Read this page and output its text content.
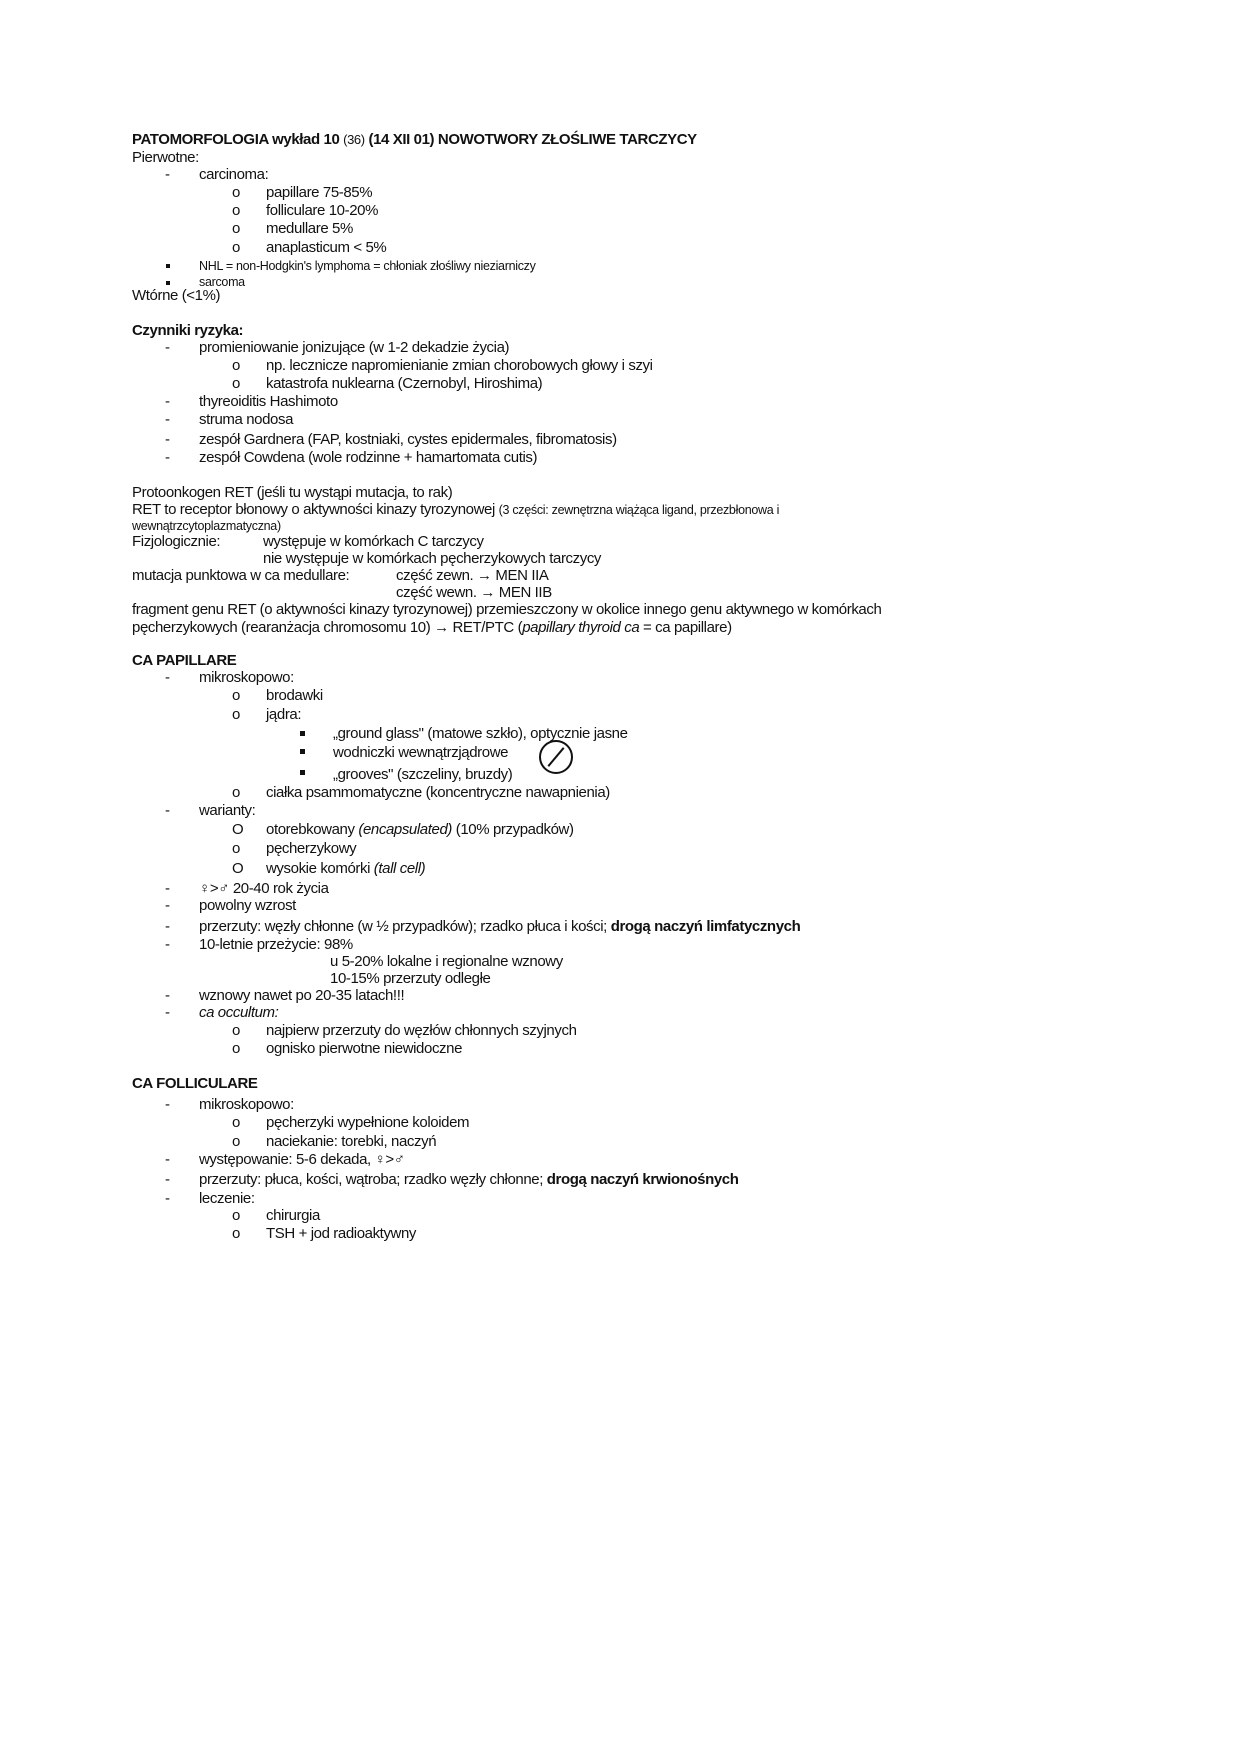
PATOMORFOLOGIA wykład 10 (36) (14 XII 01) NOWOTWORY ZŁOŚLIWE TARCZYCY
Pierwotne:
- carcinoma:
o papillare 75-85%
o folliculare 10-20%
o medullare 5%
o anaplasticum < 5%
NHL = non-Hodgkin's lymphoma = chłoniak złośliwy nieziarniczy
sarcoma
Wtórne (<1%)
Czynniki ryzyka:
- promieniowanie jonizujące (w 1-2 dekadzie życia)
o np. lecznicze napromienianie zmian chorobowych głowy i szyi
o katastrofa nuklearna (Czernobyl, Hiroshima)
- thyreoiditis Hashimoto
- struma nodosa
- zespół Gardnera (FAP, kostniaki, cystes epidermales, fibromatosis)
- zespół Cowdena (wole rodzinne + hamartomata cutis)
Protoonkogen RET (jeśli tu wystąpi mutacja, to rak)
RET to receptor błonowy o aktywności kinazy tyrozynowej (3 części: zewnętrzna wiążąca ligand, przezbłonowa i
wewnątrzcytoplazmatyczna)
Fizjologicznie:	występuje w komórkach C tarczycy
nie występuje w komórkach pęcherzykowych tarczycy
mutacja punktowa w ca medullare:	część zewn. → MEN IIA
część wewn. → MEN IIB
fragment genu RET (o aktywności kinazy tyrozynowej) przemieszczony w okolice innego genu aktywnego w komórkach
pęcherzykowych (rearanżacja chromosomu 10) → RET/PTC (papillary thyroid ca = ca papillare)
CA PAPILLARE
- mikroskopowo:
o brodawki
o jądra:
„ground glass" (matowe szkło), optycznie jasne
wodniczki wewnątrzjądrowe
„grooves" (szczeliny, bruzdy)
o ciałka psammomatyczne (koncentryczne nawapnienia)
- warianty:
O otorebkowany (encapsulated) (10% przypadków)
o pęcherzykowy
O wysokie komórki (tall cell)
- ♀>♂ 20-40 rok życia
- powolny wzrost
- przerzuty: węzły chłonne (w ½ przypadków); rzadko płuca i kości; drogą naczyń limfatycznych
- 10-letnie przeżycie: 98%
u 5-20% lokalne i regionalne wznowy
10-15% przerzuty odległe
- wznowy nawet po 20-35 latach!!!
- ca occultum:
o najpierw przerzuty do węzłów chłonnych szyjnych
o ognisko pierwotne niewidoczne
CA FOLLICULARE
- mikroskopowo:
o pęcherzyki wypełnione koloidem
o naciekanie: torebki, naczyń
- występowanie: 5-6 dekada, ♀>♂
- przerzuty: płuca, kości, wątroba; rzadko węzły chłonne; drogą naczyń krwionośnych
- leczenie:
o chirurgia
o TSH + jod radioaktywny
